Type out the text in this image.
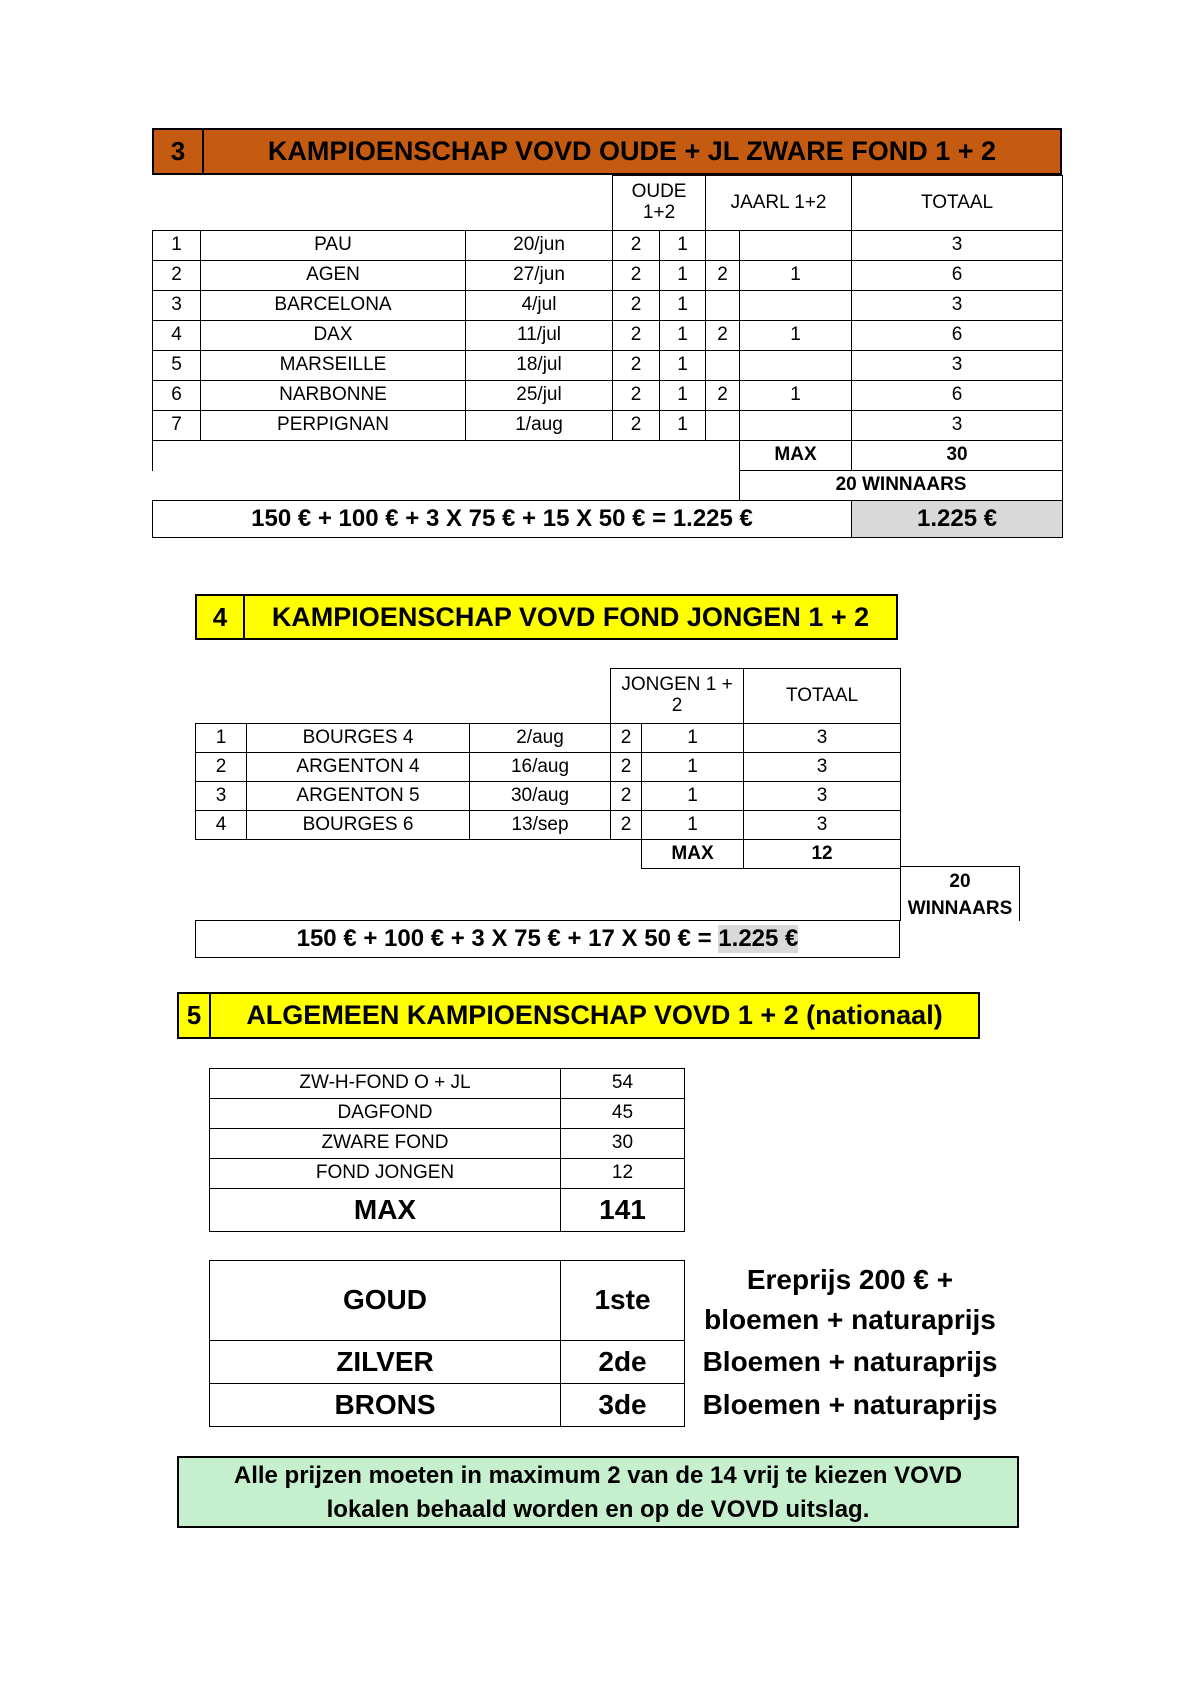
3	KAMPIOENSCHAP VOVD OUDE + JL ZWARE FOND 1 + 2
			OUDE 1+2		JAARL 1+2		TOTAAL
1	PAU	20/jun	2	1			3
2	AGEN	27/jun	2	1	2	1	6
3	BARCELONA	4/jul	2	1			3
4	DAX	11/jul	2	1	2	1	6
5	MARSEILLE	18/jul	2	1			3
6	NARBONNE	25/jul	2	1	2	1	6
7	PERPIGNAN	1/aug	2	1			3
						MAX	30
						20 WINNAARS	
150 € + 100 € + 3 X 75 € + 15 X 50 € = 1.225 €							1.225 €
4	KAMPIOENSCHAP VOVD FOND JONGEN 1 + 2
			JONGEN 1 + 2		TOTAAL
1	BOURGES 4	2/aug	2	1	3
2	ARGENTON 4	16/aug	2	1	3
3	ARGENTON 5	30/aug	2	1	3
4	BOURGES 6	13/sep	2	1	3
				MAX	12
20 WINNAARS
150 € + 100 € + 3 X 75 € + 17 X 50 € =
1.225 €
5	ALGEMEEN KAMPIOENSCHAP VOVD 1 + 2 (nationaal)
ZW-H-FOND O + JL	54
DAGFOND	45
ZWARE FOND	30
FOND JONGEN	12
MAX	141
GOUD	1ste
ZILVER	2de
BRONS	3de
Ereprijs 200 € + bloemen + naturaprijs
Bloemen + naturaprijs
Bloemen + naturaprijs
Alle prijzen moeten in maximum 2 van de 14 vrij te kiezen VOVD lokalen behaald worden en op de VOVD uitslag.
